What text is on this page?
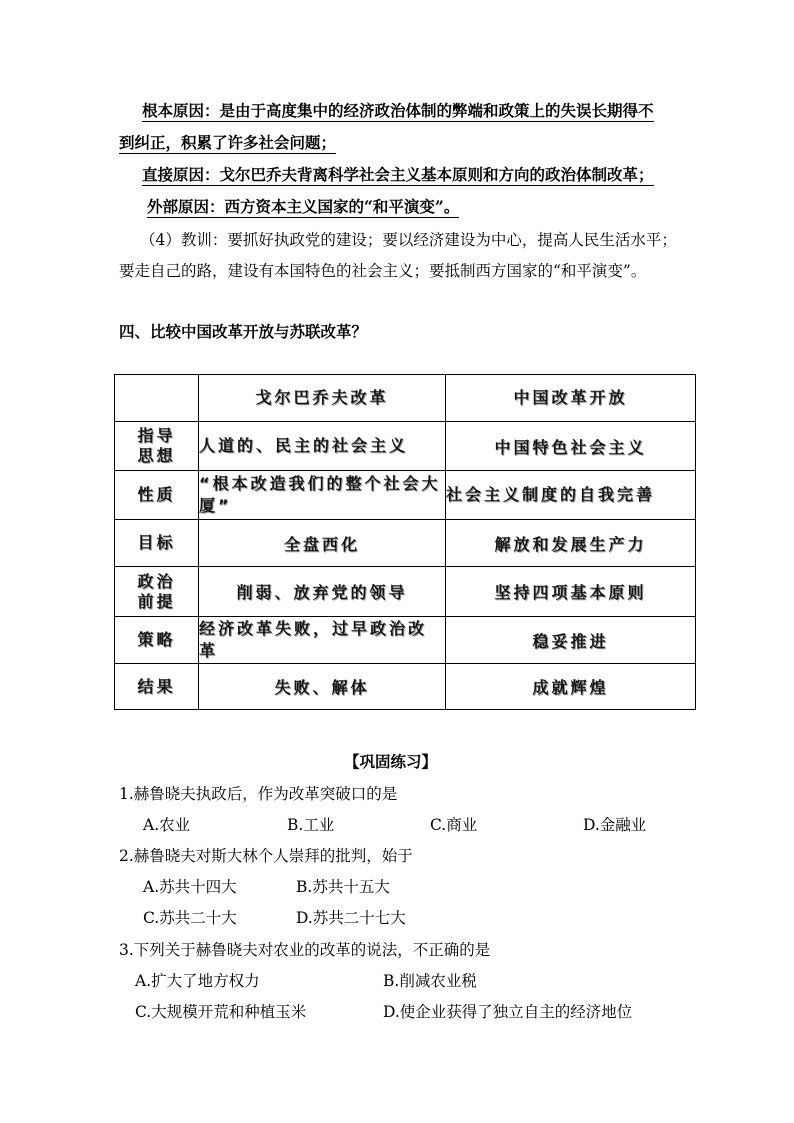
根本原因：是由于高度集中的经济政治体制的弊端和政策上的失误长期得不
到纠正，积累了许多社会问题；
直接原因：戈尔巴乔夫背离科学社会主义基本原则和方向的政治体制改革；
外部原因：西方资本主义国家的“和平演变”。
（4）教训：要抓好执政党的建设；要以经济建设为中心，提高人民生活水平；
要走自己的路，建设有本国特色的社会主义；要抵制西方国家的“和平演变”。
四、比较中国改革开放与苏联改革？
	戈尔巴乔夫改革	中国改革开放

指导
思想	人道的、民主的社会主义	中国特色社会主义
性质	“根本改造我们的整个社会大厦”	社会主义制度的自我完善
目标	全盘西化	解放和发展生产力

政治
前提	削弱、放弃党的领导	坚持四项基本原则
策略	经济改革失败，过早政治改革	稳妥推进
结果	失败、解体	成就辉煌
【巩固练习】
1.赫鲁晓夫执政后，作为改革突破口的是
A.农业	B.工业	C.商业	D.金融业
2.赫鲁晓夫对斯大林个人崇拜的批判，始于
A.苏共十四大	B.苏共十五大
C.苏共二十大	D.苏共二十七大
3.下列关于赫鲁晓夫对农业的改革的说法，不正确的是
A.扩大了地方权力	B.削减农业税
C.大规模开荒和种植玉米	D.使企业获得了独立自主的经济地位
